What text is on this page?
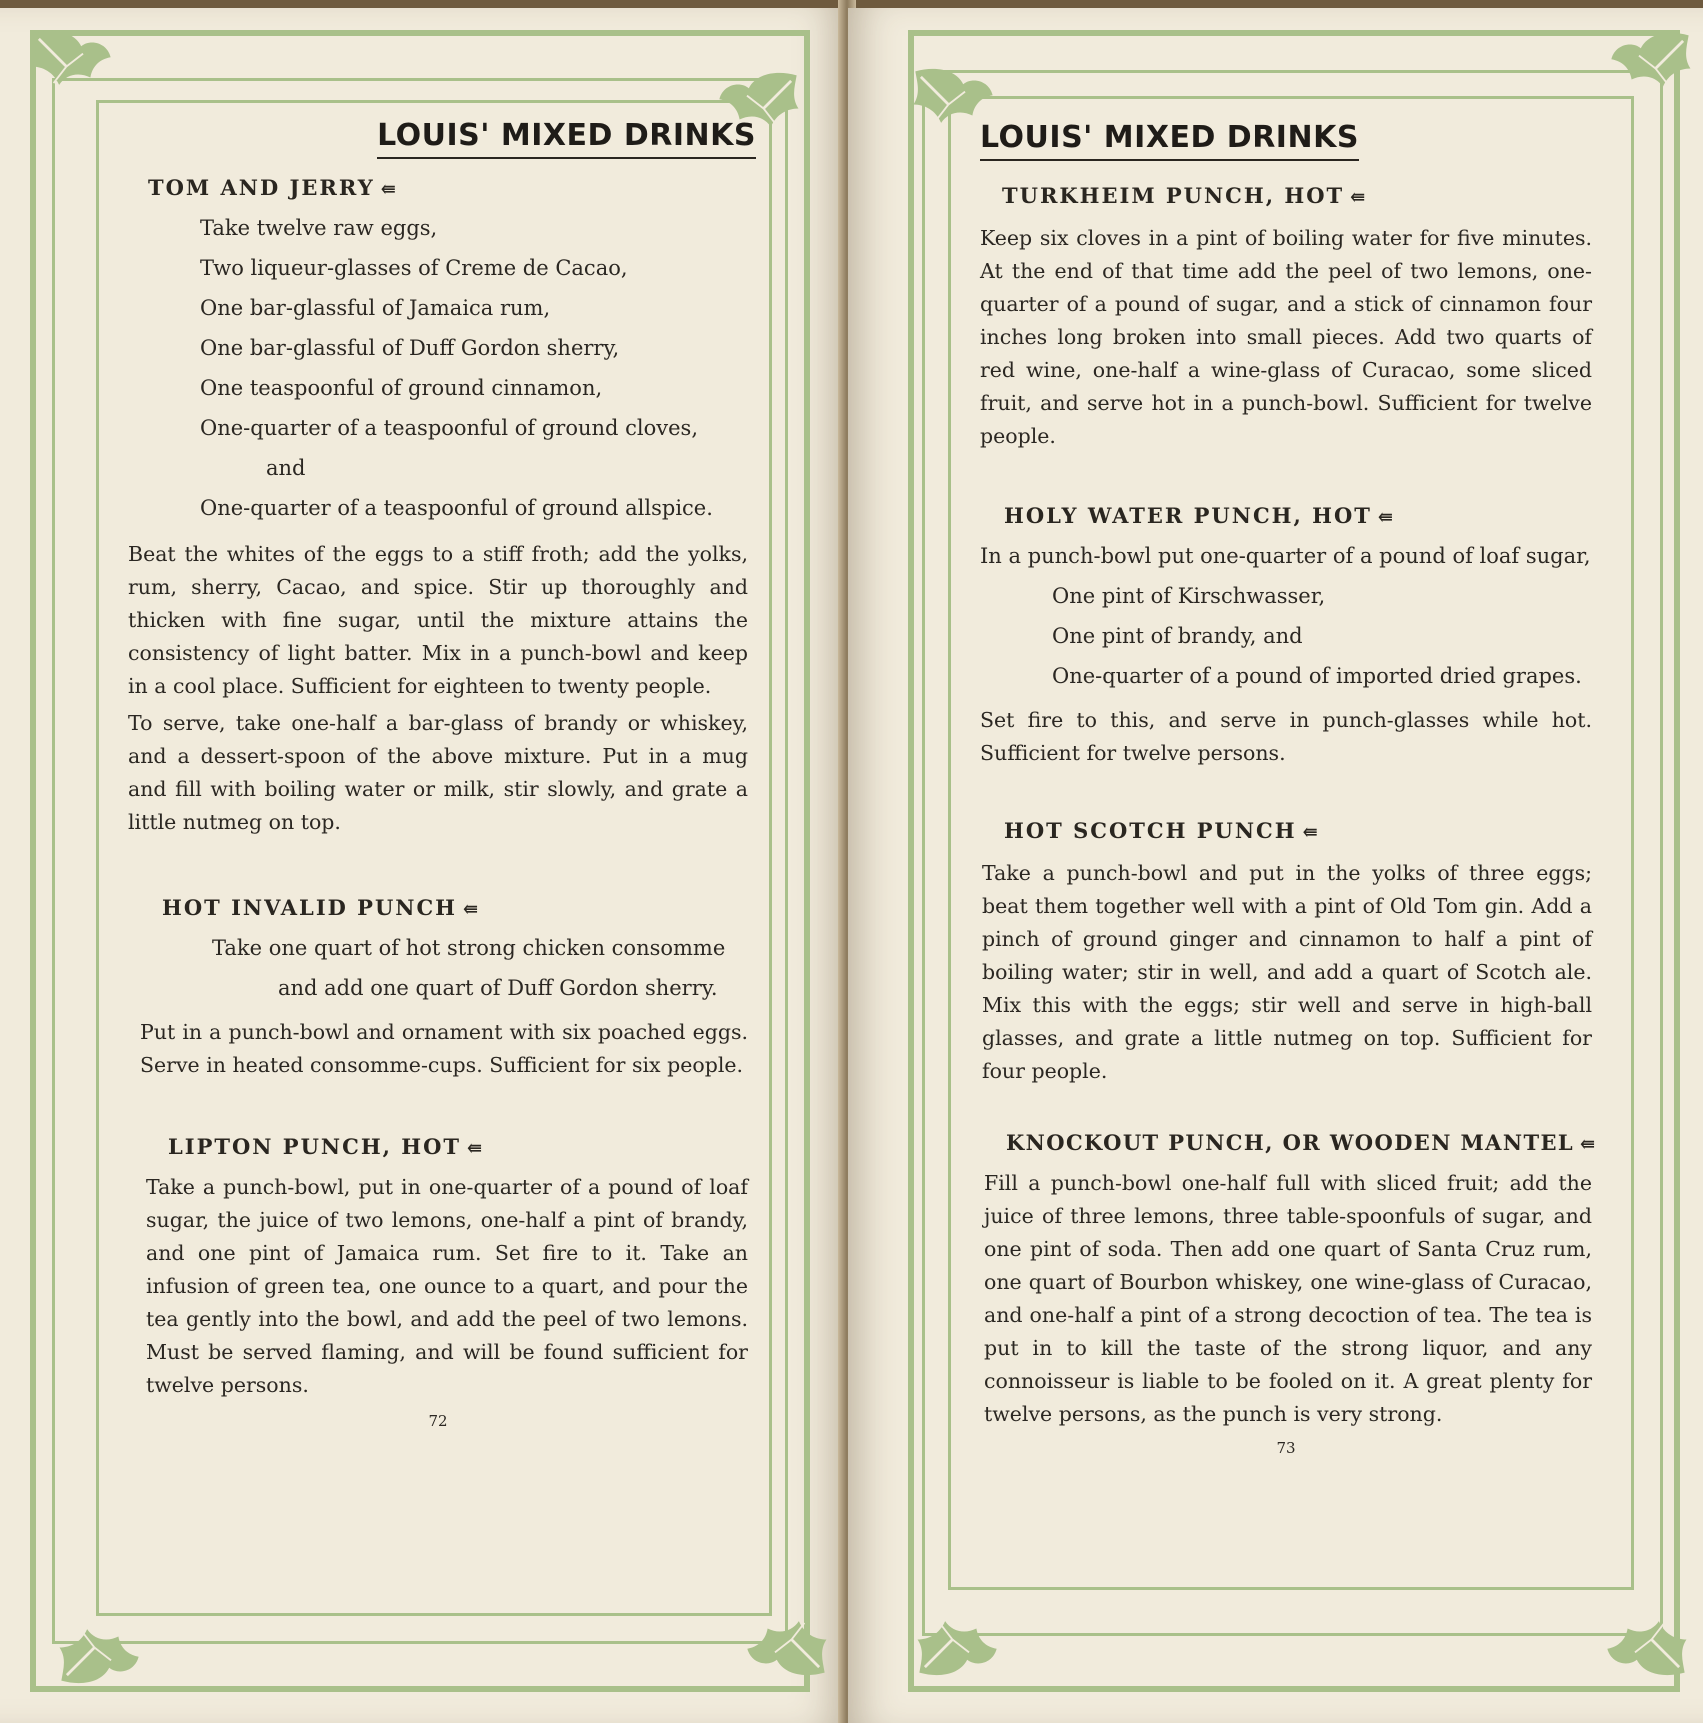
LOUIS' MIXED DRINKS
TOM AND JERRY ⇚
Take twelve raw eggs,
Two liqueur-glasses of Creme de Cacao,
One bar-glassful of Jamaica rum,
One bar-glassful of Duff Gordon sherry,
One teaspoonful of ground cinnamon,
One-quarter of a teaspoonful of ground cloves,
and
One-quarter of a teaspoonful of ground allspice.

Beat the whites of the eggs to a stiff froth; add the yolks, rum, sherry, Cacao, and spice. Stir up thoroughly and thicken with fine sugar, until the mixture attains the consistency of light batter. Mix in a punch-bowl and keep in a cool place. Sufficient for eighteen to twenty people.

To serve, take one-half a bar-glass of brandy or whiskey, and a dessert-spoon of the above mixture. Put in a mug and fill with boiling water or milk, stir slowly, and grate a little nutmeg on top.

HOT INVALID PUNCH ⇚
Take one quart of hot strong chicken consomme
and add one quart of Duff Gordon sherry.

Put in a punch-bowl and ornament with six poached eggs. Serve in heated consomme-cups. Sufficient for six people.

LIPTON PUNCH, HOT ⇚

Take a punch-bowl, put in one-quarter of a pound of loaf sugar, the juice of two lemons, one-half a pint of brandy, and one pint of Jamaica rum. Set fire to it. Take an infusion of green tea, one ounce to a quart, and pour the tea gently into the bowl, and add the peel of two lemons. Must be served flaming, and will be found sufficient for twelve persons.

72
LOUIS' MIXED DRINKS
TURKHEIM PUNCH, HOT ⇚

Keep six cloves in a pint of boiling water for five minutes. At the end of that time add the peel of two lemons, one-quarter of a pound of sugar, and a stick of cinnamon four inches long broken into small pieces. Add two quarts of red wine, one-half a wine-glass of Curacao, some sliced fruit, and serve hot in a punch-bowl. Sufficient for twelve people.

HOLY WATER PUNCH, HOT ⇚
In a punch-bowl put one-quarter of a pound of loaf sugar,
One pint of Kirschwasser,
One pint of brandy, and
One-quarter of a pound of imported dried grapes.

Set fire to this, and serve in punch-glasses while hot. Sufficient for twelve persons.

HOT SCOTCH PUNCH ⇚

Take a punch-bowl and put in the yolks of three eggs; beat them together well with a pint of Old Tom gin. Add a pinch of ground ginger and cinnamon to half a pint of boiling water; stir in well, and add a quart of Scotch ale. Mix this with the eggs; stir well and serve in high-ball glasses, and grate a little nutmeg on top. Sufficient for four people.

KNOCKOUT PUNCH, OR WOODEN MANTEL ⇚

Fill a punch-bowl one-half full with sliced fruit; add the juice of three lemons, three table-spoonfuls of sugar, and one pint of soda. Then add one quart of Santa Cruz rum, one quart of Bourbon whiskey, one wine-glass of Curacao, and one-half a pint of a strong decoction of tea. The tea is put in to kill the taste of the strong liquor, and any connoisseur is liable to be fooled on it. A great plenty for twelve persons, as the punch is very strong.

73
